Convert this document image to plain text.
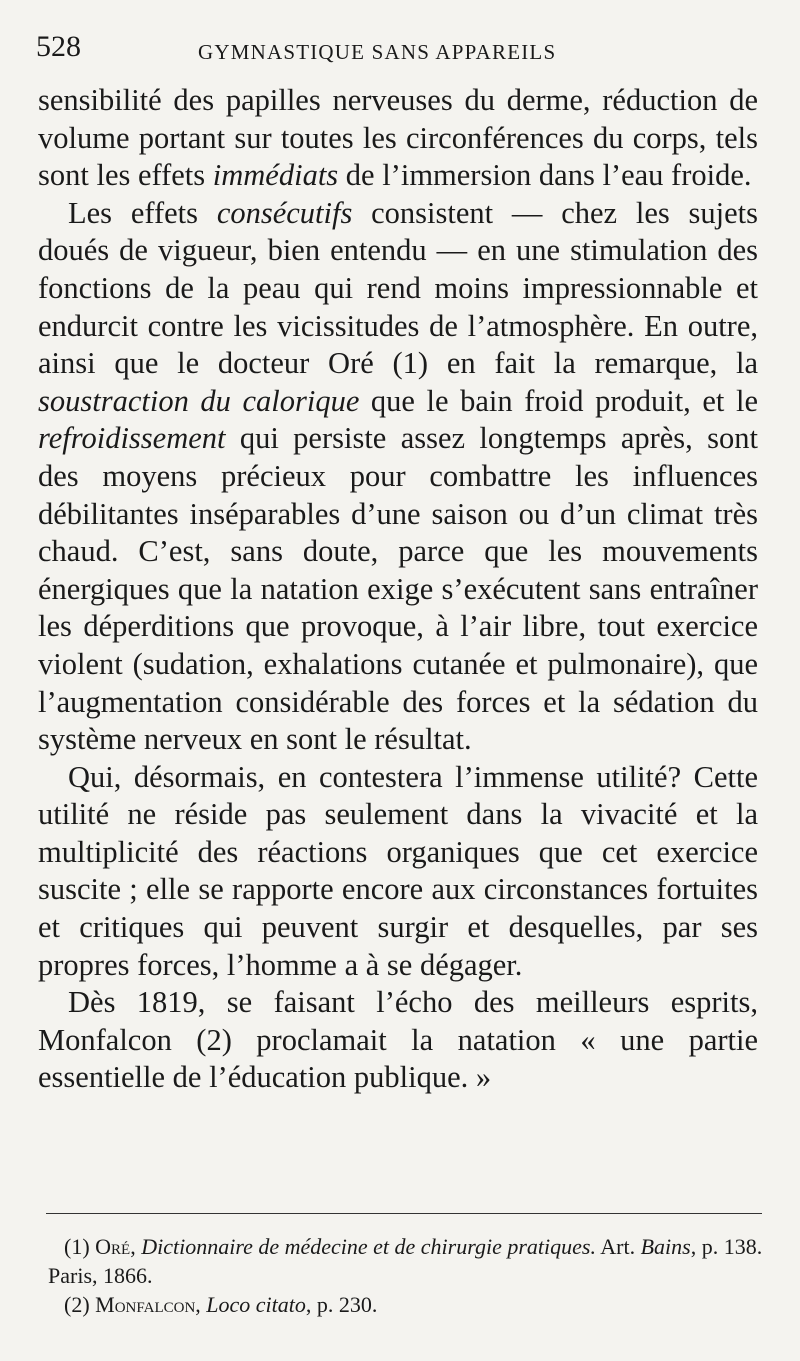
528	GYMNASTIQUE SANS APPAREILS

sensibilité des papilles nerveuses du derme, réduction de volume portant sur toutes les circonférences du corps, tels sont les effets immédiats de l’immersion dans l’eau froide.

Les effets consécutifs consistent — chez les sujets doués de vigueur, bien entendu — en une stimulation des fonctions de la peau qui rend moins impressionnable et endurcit contre les vicissitudes de l’atmosphère. En outre, ainsi que le docteur Oré (1) en fait la remarque, la soustraction du calorique que le bain froid produit, et le refroidissement qui persiste assez longtemps après, sont des moyens précieux pour combattre les influences débilitantes inséparables d’une saison ou d’un climat très chaud. C’est, sans doute, parce que les mouvements énergiques que la natation exige s’exécutent sans entraîner les déperditions que provoque, à l’air libre, tout exercice violent (sudation, exhalations cutanée et pulmonaire), que l’augmentation considérable des forces et la sédation du système nerveux en sont le résultat.

Qui, désormais, en contestera l’immense utilité? Cette utilité ne réside pas seulement dans la vivacité et la multiplicité des réactions organiques que cet exercice suscite ; elle se rapporte encore aux circonstances fortuites et critiques qui peuvent surgir et desquelles, par ses propres forces, l’homme a à se dégager.

Dès 1819, se faisant l’écho des meilleurs esprits, Monfalcon (2) proclamait la natation « une partie essentielle de l’éducation publique. »

(1) Oré, Dictionnaire de médecine et de chirurgie pratiques. Art. Bains, p. 138. Paris, 1866.

(2) Monfalcon, Loco citato, p. 230.
